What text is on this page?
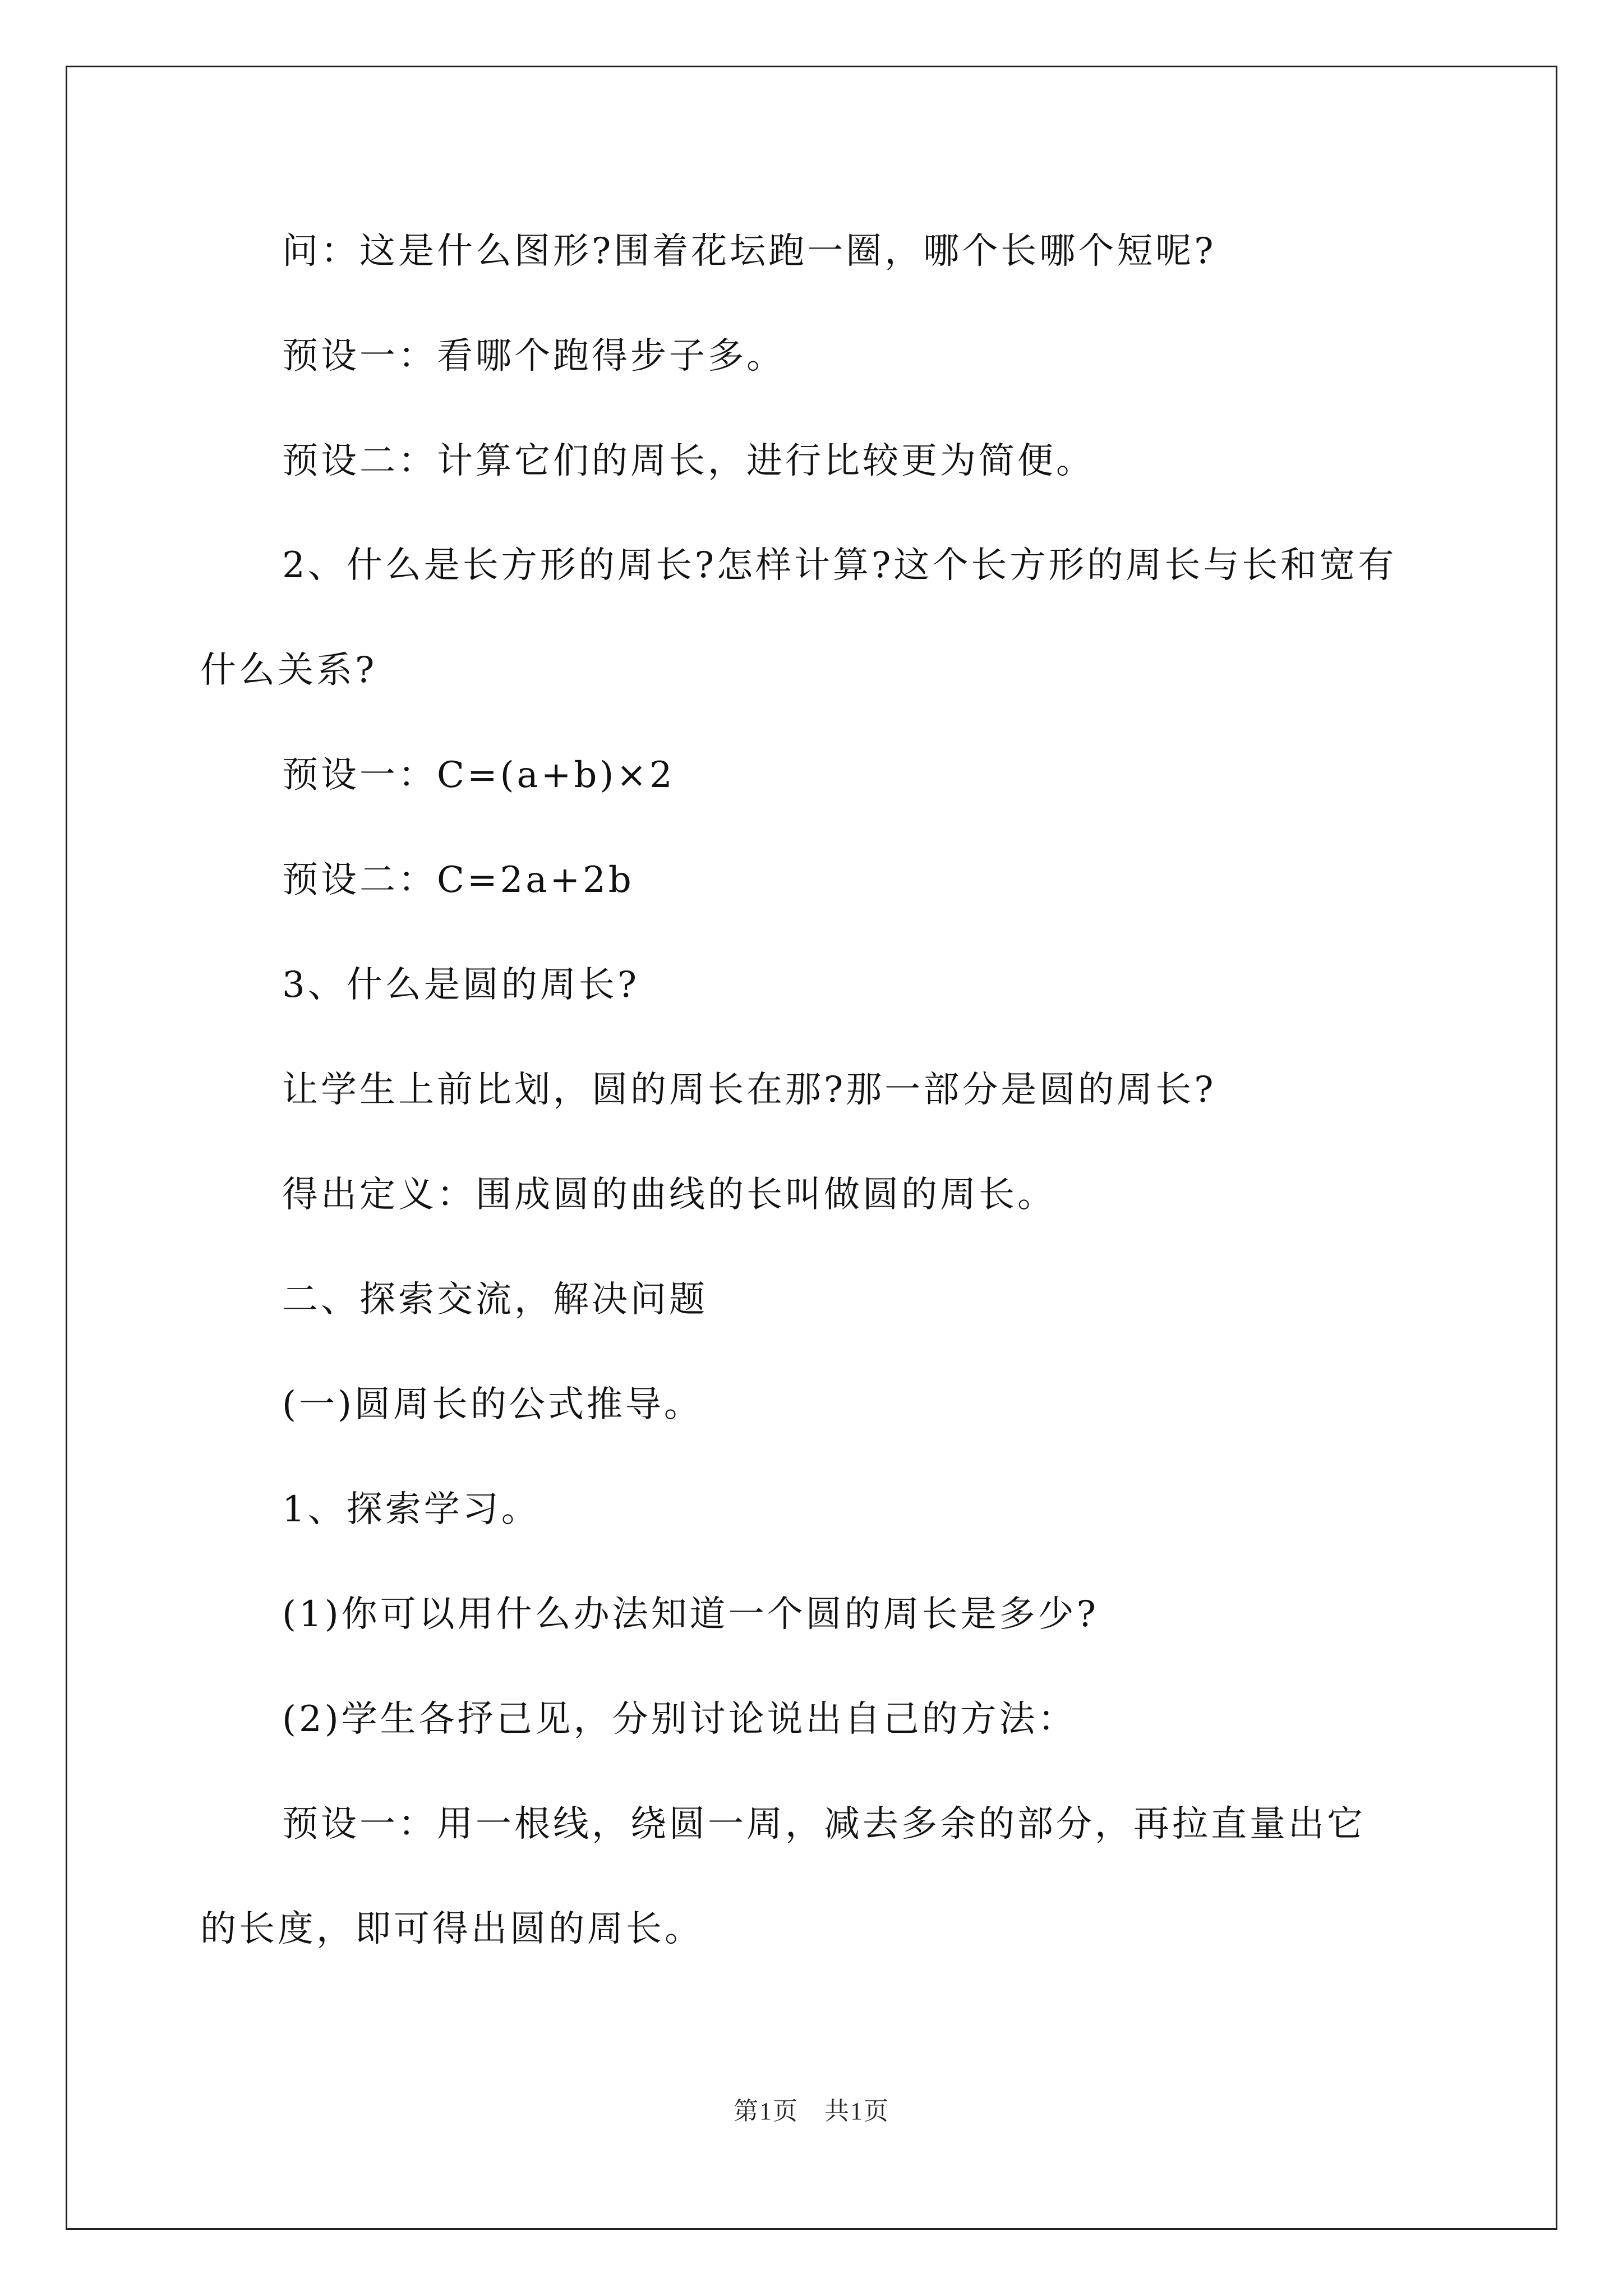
问：这是什么图形?围着花坛跑一圈，哪个长哪个短呢?
预设一：看哪个跑得步子多。
预设二：计算它们的周长，进行比较更为简便。
2、什么是长方形的周长?怎样计算?这个长方形的周长与长和宽有
什么关系?
预设一：C=(a+b)×2
预设二：C=2a+2b
3、什么是圆的周长?
让学生上前比划，圆的周长在那?那一部分是圆的周长?
得出定义：围成圆的曲线的长叫做圆的周长。
二、探索交流，解决问题
(一)圆周长的公式推导。
1、探索学习。
(1)你可以用什么办法知道一个圆的周长是多少?
(2)学生各抒己见，分别讨论说出自己的方法：
预设一：用一根线，绕圆一周，减去多余的部分，再拉直量出它
的长度，即可得出圆的周长。
第1页　共1页
